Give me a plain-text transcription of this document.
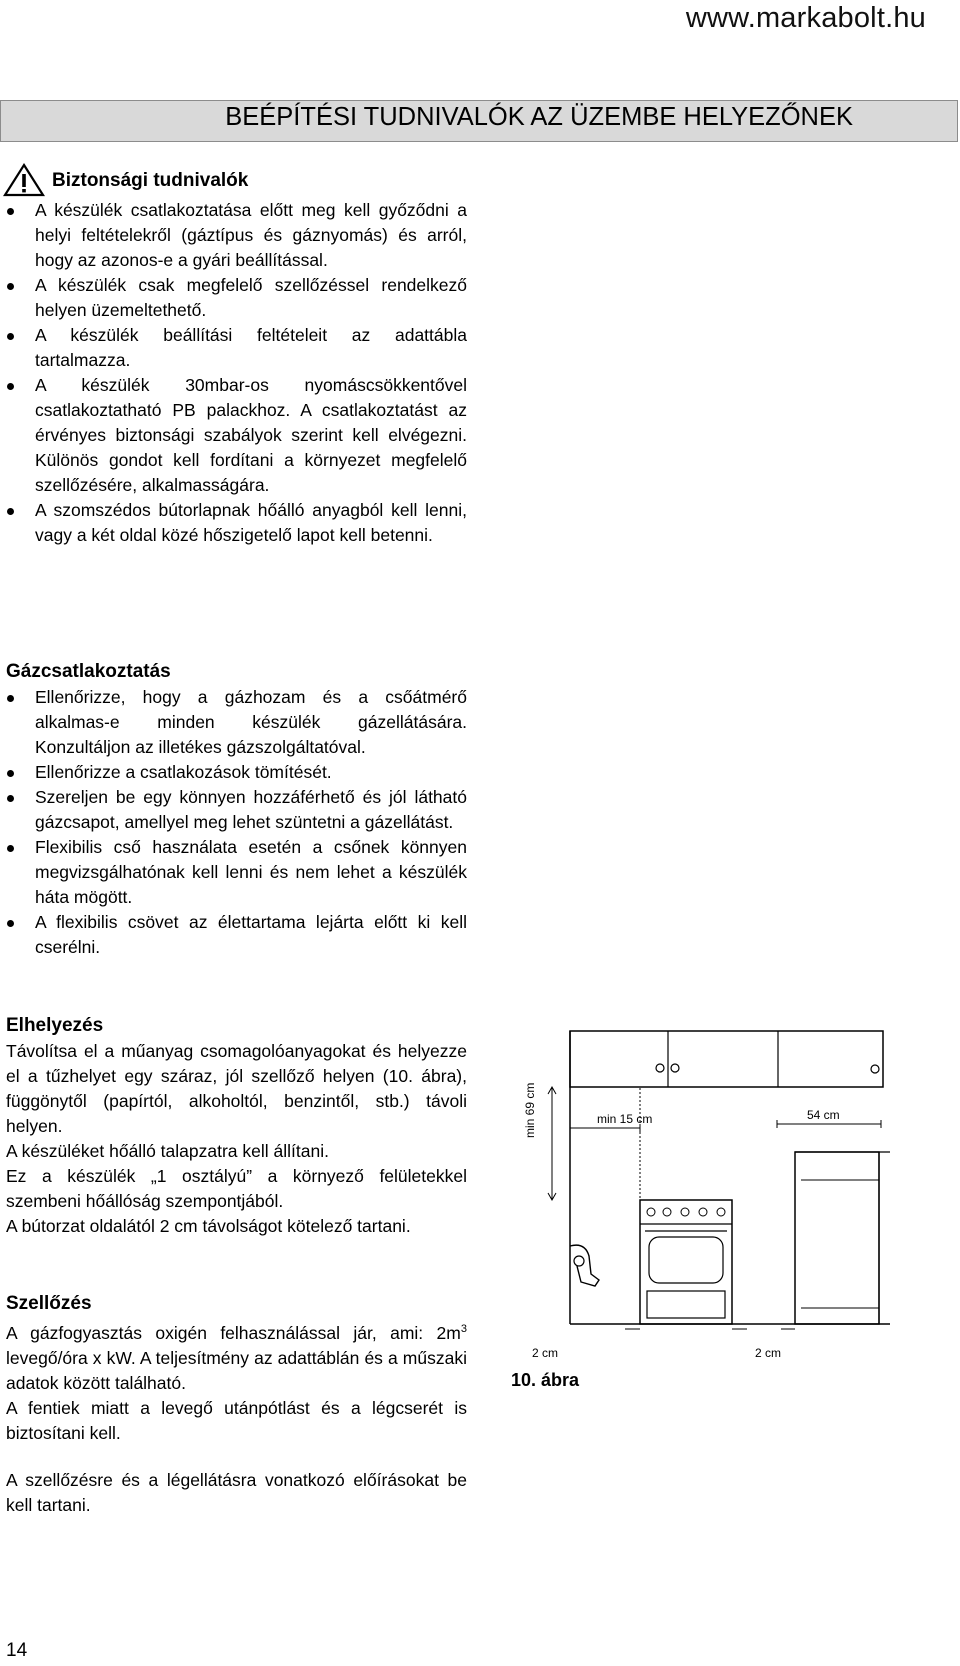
www.markabolt.hu
BEÉPÍTÉSI TUDNIVALÓK AZ ÜZEMBE HELYEZŐNEK
Biztonsági tudnivalók
A készülék csatlakoztatása előtt meg kell győződni a helyi feltételekről (gáztípus és gáznyomás) és arról, hogy az azonos-e a gyári beállítással.
A készülék csak megfelelő szellőzéssel rendelkező helyen üzemeltethető.
A készülék beállítási feltételeit az adattábla tartalmazza.
A készülék 30mbar-os nyomáscsökkentővel csatlakoztatható PB palackhoz. A csatlakoztatást az érvényes biztonsági szabályok szerint kell elvégezni. Különös gondot kell fordítani a környezet megfelelő szellőzésére, alkalmasságára.
A szomszédos bútorlapnak hőálló anyagból kell lenni, vagy a két oldal közé hőszigetelő lapot kell betenni.
Gázcsatlakoztatás
Ellenőrizze, hogy a gázhozam és a csőátmérő alkalmas-e minden készülék gázellátására. Konzultáljon az illetékes gázszolgáltatóval.
Ellenőrizze a csatlakozások tömítését.
Szereljen be egy könnyen hozzáférhető és jól látható gázcsapot, amellyel meg lehet szüntetni a gázellátást.
Flexibilis cső használata esetén a csőnek könnyen megvizsgálhatónak kell lenni és nem lehet a készülék háta mögött.
A flexibilis csövet az élettartama lejárta előtt ki kell cserélni.
Elhelyezés

Távolítsa el a műanyag csomagolóanyagokat és helyezze el a tűzhelyet egy száraz, jól szellőző helyen (10. ábra), függönytől (papírtól, alkoholtól, benzintől, stb.) távoli helyen.

A készüléket hőálló talapzatra kell állítani.

Ez a készülék „1 osztályú” a környező felületekkel szembeni hőállóság szempontjából.

A bútorzat oldalától 2 cm távolságot kötelező tartani.

Szellőzés

A gázfogyasztás oxigén felhasználással jár, ami: $2m^3$ levegő/óra x kW. A teljesítmény az adattáblán és a műszaki adatok között található.

A fentiek miatt a levegő utánpótlást és a légcserét is biztosítani kell.

A szellőzésre és a légellátásra vonatkozó előírásokat be kell tartani.

min 69 cm	min 15 cm	54 cm
2 cm	2 cm
10. ábra
14
